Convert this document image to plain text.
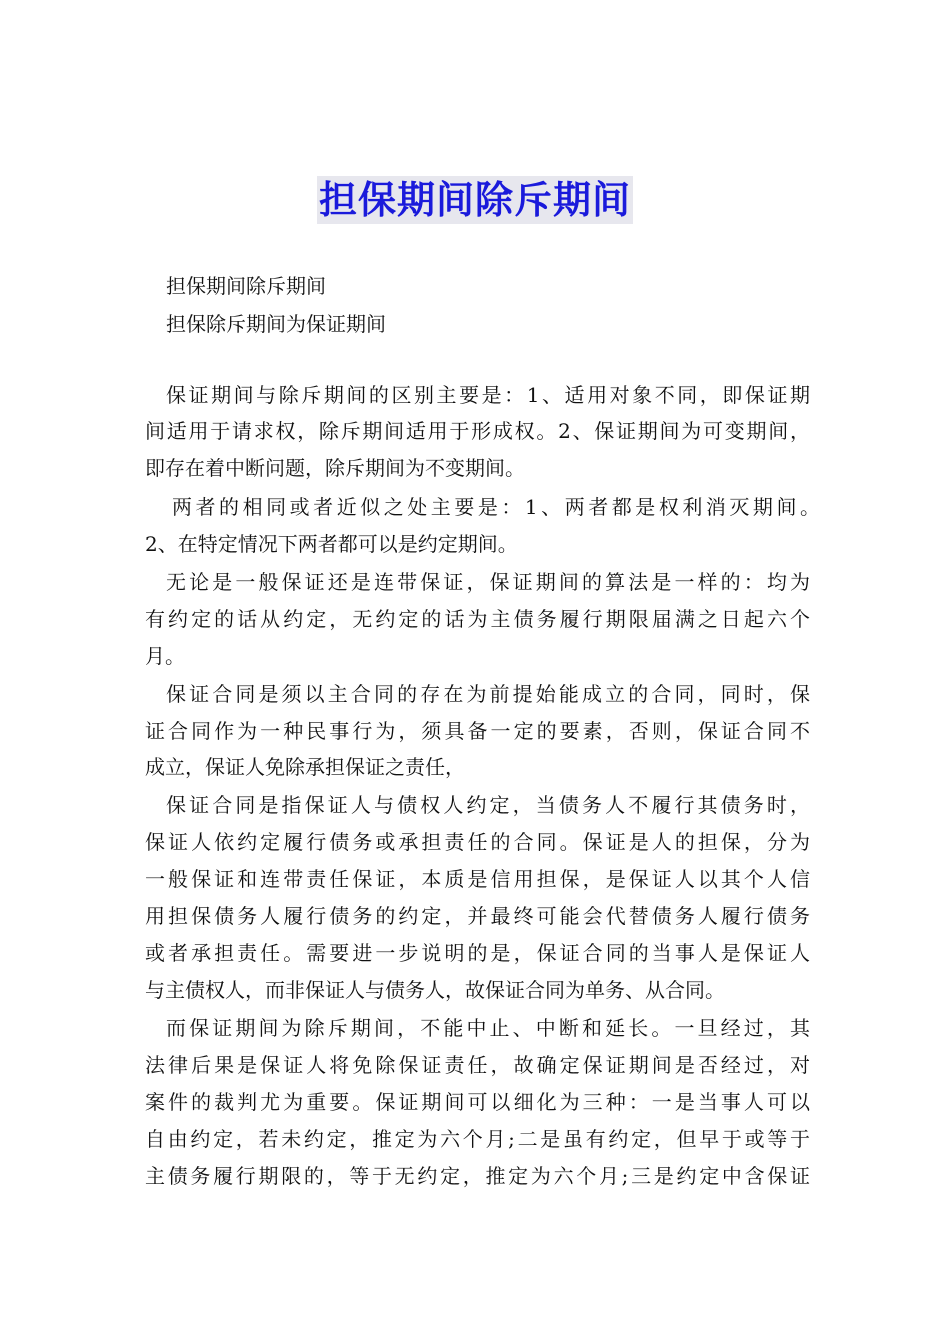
担保期间除斥期间

担保期间除斥期间

担保除斥期间为保证期间

保证期间与除斥期间的区别主要是：1、适用对象不同，即保证期

间适用于请求权，除斥期间适用于形成权。2、保证期间为可变期间，

即存在着中断问题，除斥期间为不变期间。

两者的相同或者近似之处主要是：1、两者都是权利消灭期间。

2、在特定情况下两者都可以是约定期间。

无论是一般保证还是连带保证，保证期间的算法是一样的：均为

有约定的话从约定，无约定的话为主债务履行期限届满之日起六个

月。

保证合同是须以主合同的存在为前提始能成立的合同，同时，保

证合同作为一种民事行为，须具备一定的要素，否则，保证合同不

成立，保证人免除承担保证之责任，

保证合同是指保证人与债权人约定，当债务人不履行其债务时，

保证人依约定履行债务或承担责任的合同。保证是人的担保，分为

一般保证和连带责任保证，本质是信用担保，是保证人以其个人信

用担保债务人履行债务的约定，并最终可能会代替债务人履行债务

或者承担责任。需要进一步说明的是，保证合同的当事人是保证人

与主债权人，而非保证人与债务人，故保证合同为单务、从合同。

而保证期间为除斥期间，不能中止、中断和延长。一旦经过，其

法律后果是保证人将免除保证责任，故确定保证期间是否经过，对

案件的裁判尤为重要。保证期间可以细化为三种：一是当事人可以

自由约定，若未约定，推定为六个月;二是虽有约定，但早于或等于

主债务履行期限的，等于无约定，推定为六个月;三是约定中含保证
